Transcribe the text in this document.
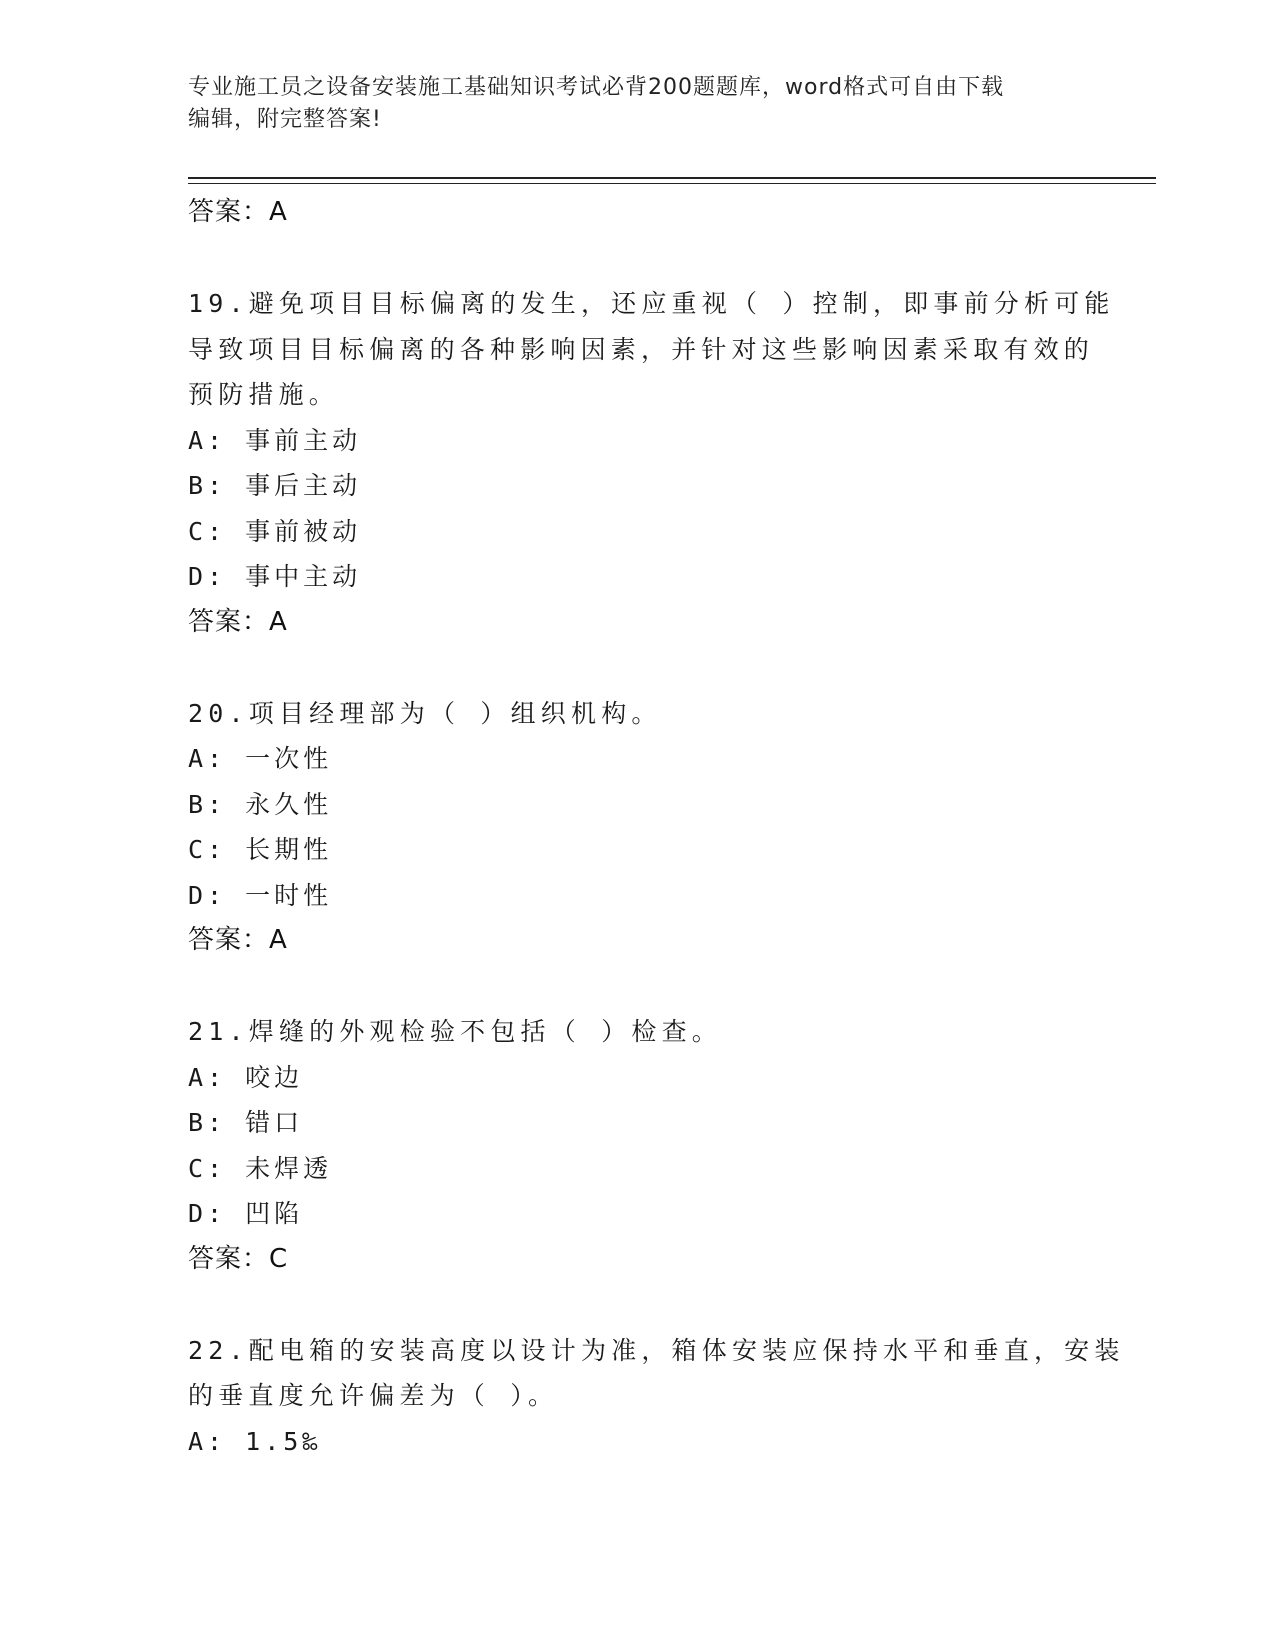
专业施工员之设备安装施工基础知识考试必背200题题库，word格式可自由下载
编辑，附完整答案!
答案：A
19.避免项目目标偏离的发生，还应重视（ ）控制，即事前分析可能
导致项目目标偏离的各种影响因素，并针对这些影响因素采取有效的
预防措施。
A: 事前主动
B: 事后主动
C: 事前被动
D: 事中主动
答案：A
20.项目经理部为（ ）组织机构。
A: 一次性
B: 永久性
C: 长期性
D: 一时性
答案：A
21.焊缝的外观检验不包括（ ）检查。
A: 咬边
B: 错口
C: 未焊透
D: 凹陷
答案：C
22.配电箱的安装高度以设计为准，箱体安装应保持水平和垂直，安装
的垂直度允许偏差为（ ）。
A: 1.5‰
